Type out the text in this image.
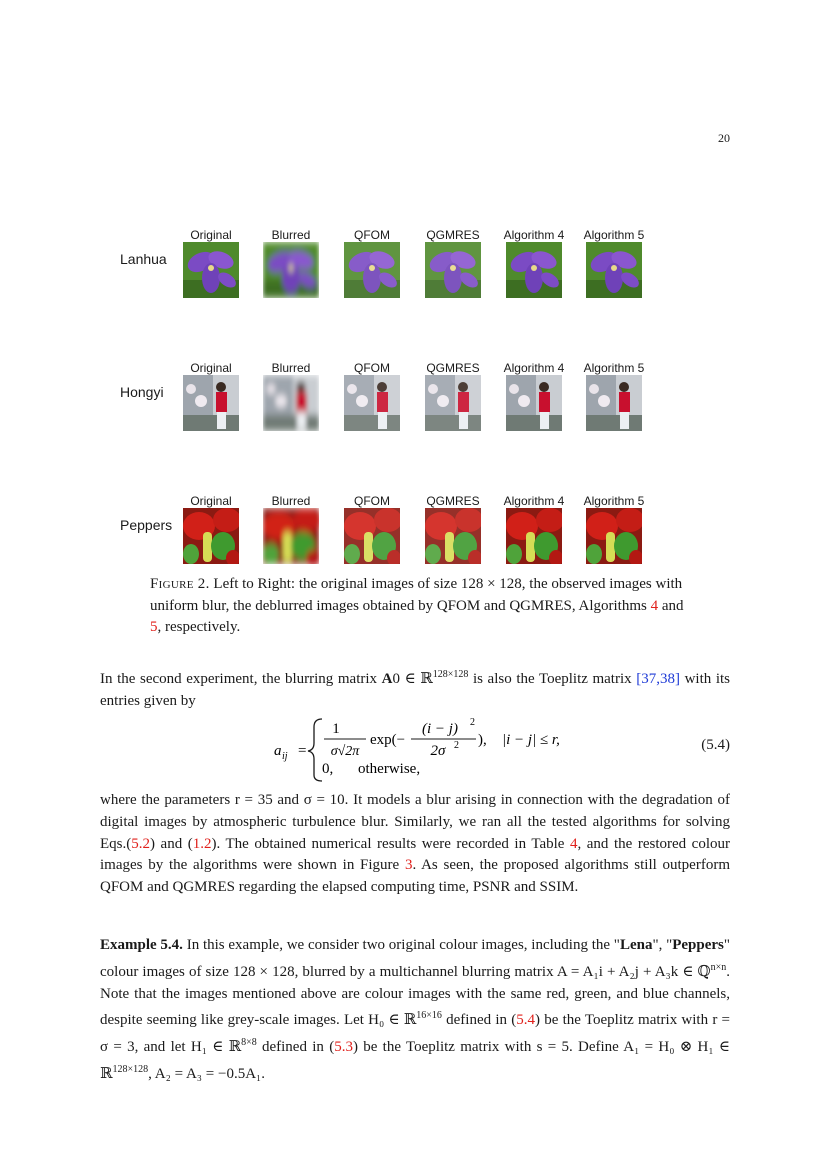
20
Lanhua
Original	Blurred	QFOM	QGMRES	Algorithm 4	Algorithm 5
Hongyi
Original	Blurred	QFOM	QGMRES	Algorithm 4	Algorithm 5
Peppers
Original	Blurred	QFOM	QGMRES	Algorithm 4	Algorithm 5
Figure 2. Left to Right: the original images of size 128 × 128, the observed images with uniform blur, the deblurred images obtained by QFOM and QGMRES, Algorithms 4 and 5, respectively.
In the second experiment, the blurring matrix A0 ∈ ℝ$^{128\times 128}$ is also the Toeplitz matrix [37,38] with its entries given by
a ij =
1
σ√2π
exp(−
(i − j) 2
2σ 2 ), |i − j| ≤ r,
0, otherwise,
(5.4)
where the parameters r = 35 and σ = 10. It models a blur arising in connection with the degradation of digital images by atmospheric turbulence blur. Similarly, we ran all the tested algorithms for solving Eqs.(5.2) and (1.2). The obtained numerical results were recorded in Table 4, and the restored colour images by the algorithms were shown in Figure 3. As seen, the proposed algorithms still outperform QFOM and QGMRES regarding the elapsed computing time, PSNR and SSIM.
Example 5.4. In this example, we consider two original colour images, including the "Lena", "Peppers" colour images of size 128 × 128, blurred by a multichannel blurring matrix A = A₁i + A₂j + A₃k ∈ ℚ$^{n\times n}$. Note that the images mentioned above are colour images with the same red, green, and blue channels, despite seeming like grey-scale images. Let H₀ ∈ ℝ$^{16\times 16}$ defined in (5.4) be the Toeplitz matrix with r = σ = 3, and let H₁ ∈ ℝ$^{8\times 8}$ defined in (5.3) be the Toeplitz matrix with s = 5. Define A₁ = H₀ ⊗ H₁ ∈ ℝ$^{128\times 128}$, A₂ = A₃ = −0.5A₁.
